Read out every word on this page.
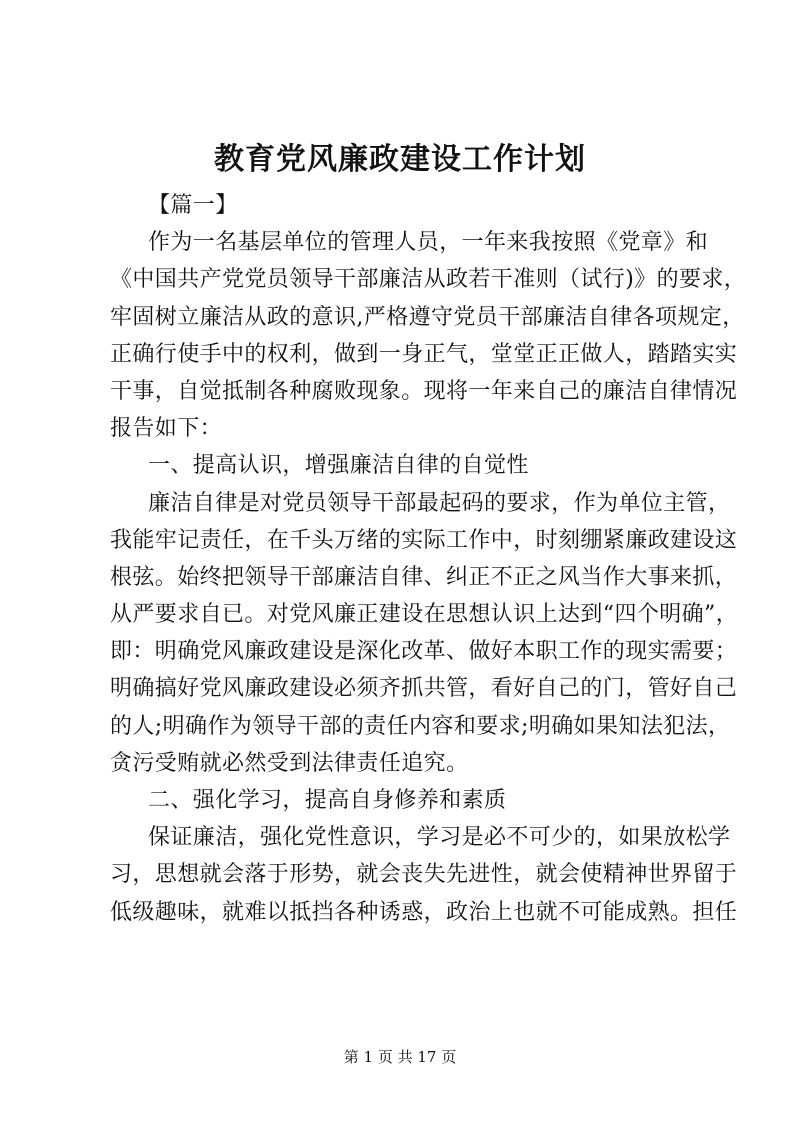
教育党风廉政建设工作计划
【篇一】
作为一名基层单位的管理人员，一年来我按照《党章》和
《中国共产党党员领导干部廉洁从政若干准则（试行)》的要求，
牢固树立廉洁从政的意识,严格遵守党员干部廉洁自律各项规定，
正确行使手中的权利，做到一身正气，堂堂正正做人，踏踏实实
干事，自觉抵制各种腐败现象。现将一年来自己的廉洁自律情况
报告如下：
一、提高认识，增强廉洁自律的自觉性
廉洁自律是对党员领导干部最起码的要求，作为单位主管，
我能牢记责任，在千头万绪的实际工作中，时刻绷紧廉政建设这
根弦。始终把领导干部廉洁自律、纠正不正之风当作大事来抓，
从严要求自已。对党风廉正建设在思想认识上达到“四个明确”，
即：明确党风廉政建设是深化改革、做好本职工作的现实需要；
明确搞好党风廉政建设必须齐抓共管，看好自己的门，管好自己
的人;明确作为领导干部的责任内容和要求;明确如果知法犯法，
贪污受贿就必然受到法律责任追究。
二、强化学习，提高自身修养和素质
保证廉洁，强化党性意识，学习是必不可少的，如果放松学
习，思想就会落于形势，就会丧失先进性，就会使精神世界留于
低级趣味，就难以抵挡各种诱惑，政治上也就不可能成熟。担任
第 1 页 共 17 页
